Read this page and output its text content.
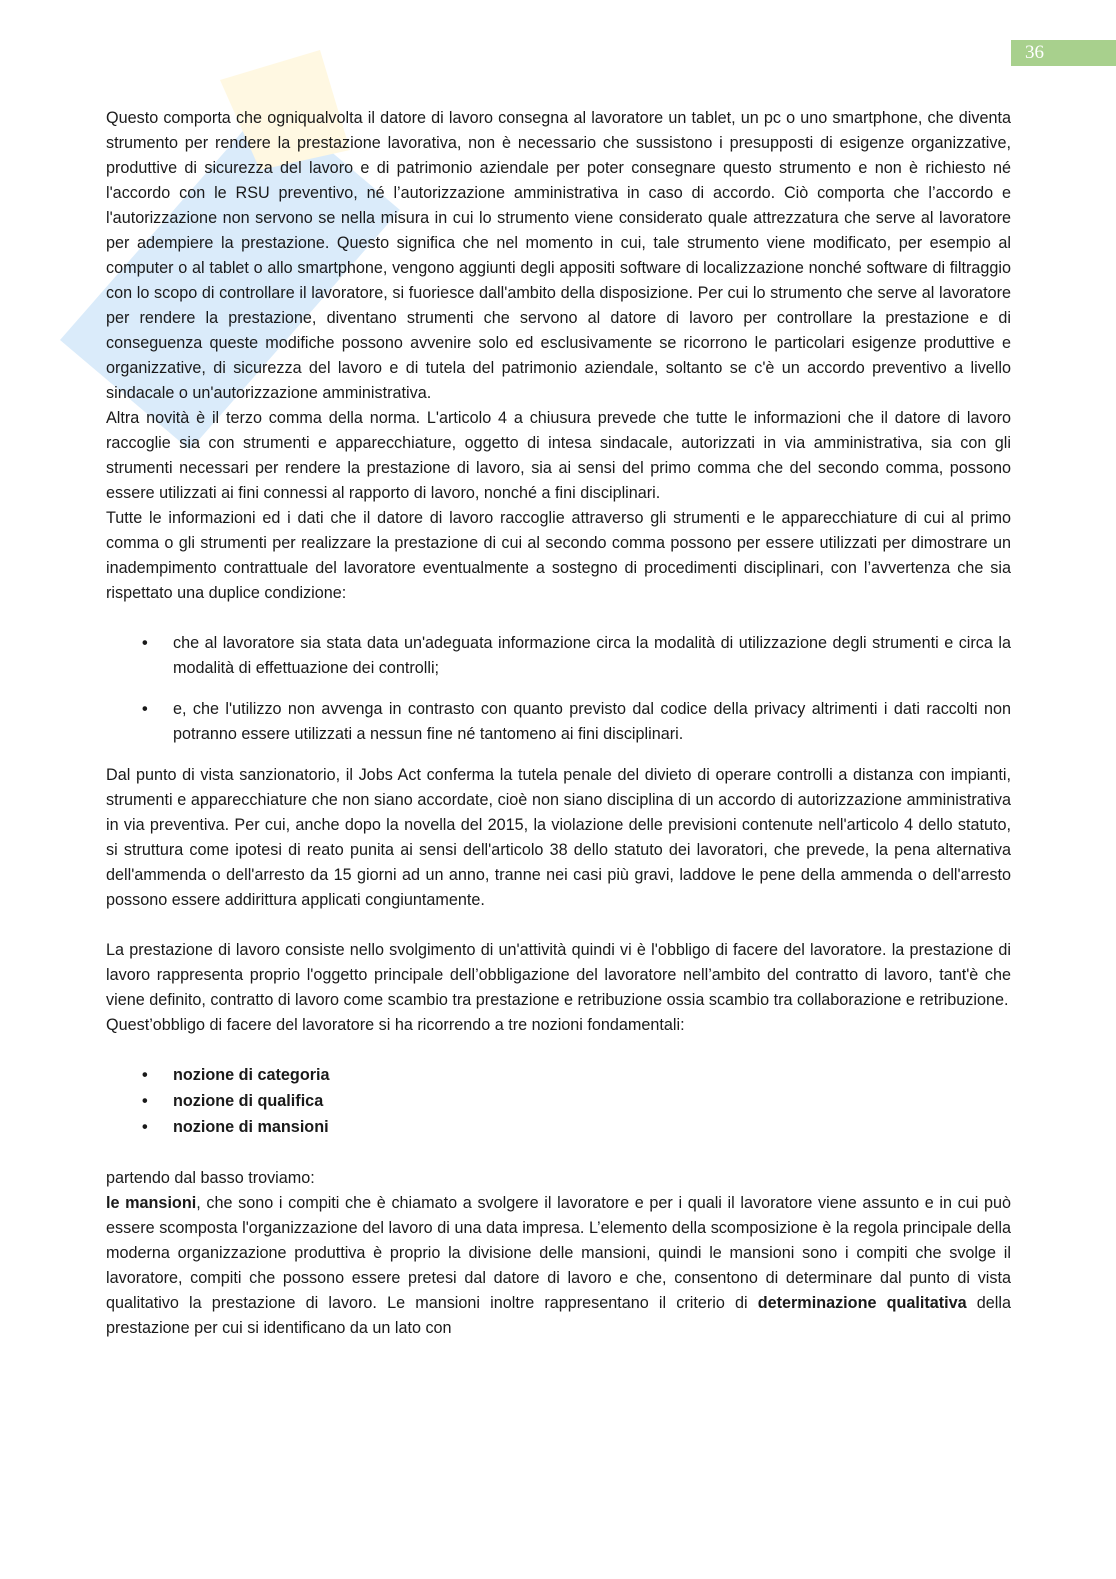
36

Questo comporta che ogniqualvolta il datore di lavoro consegna al lavoratore un tablet, un pc o uno smartphone, che diventa strumento per rendere la prestazione lavorativa, non è necessario che sussistono i presupposti di esigenze organizzative, produttive di sicurezza del lavoro e di patrimonio aziendale per poter consegnare questo strumento e non è richiesto né l'accordo con le RSU preventivo, né l’autorizzazione amministrativa in caso di accordo. Ciò comporta che l’accordo e l'autorizzazione non servono se nella misura in cui lo strumento viene considerato quale attrezzatura che serve al lavoratore per adempiere la prestazione. Questo significa che nel momento in cui, tale strumento viene modificato, per esempio al computer o al tablet o allo smartphone, vengono aggiunti degli appositi software di localizzazione nonché software di filtraggio con lo scopo di controllare il lavoratore, si fuoriesce dall'ambito della disposizione. Per cui lo strumento che serve al lavoratore per rendere la prestazione, diventano strumenti che servono al datore di lavoro per controllare la prestazione e di conseguenza queste modifiche possono avvenire solo ed esclusivamente se ricorrono le particolari esigenze produttive e organizzative, di sicurezza del lavoro e di tutela del patrimonio aziendale, soltanto se c'è un accordo preventivo a livello sindacale o un'autorizzazione amministrativa.

Altra novità è il terzo comma della norma. L'articolo 4 a chiusura prevede che tutte le informazioni che il datore di lavoro raccoglie sia con strumenti e apparecchiature, oggetto di intesa sindacale, autorizzati in via amministrativa, sia con gli strumenti necessari per rendere la prestazione di lavoro, sia ai sensi del primo comma che del secondo comma, possono essere utilizzati ai fini connessi al rapporto di lavoro, nonché a fini disciplinari.

Tutte le informazioni ed i dati che il datore di lavoro raccoglie attraverso gli strumenti e le apparecchiature di cui al primo comma o gli strumenti per realizzare la prestazione di cui al secondo comma possono per essere utilizzati per dimostrare un inadempimento contrattuale del lavoratore eventualmente a sostegno di procedimenti disciplinari, con l’avvertenza che sia rispettato una duplice condizione:

• che al lavoratore sia stata data un'adeguata informazione circa la modalità di utilizzazione degli strumenti e circa la modalità di effettuazione dei controlli;
• e, che l'utilizzo non avvenga in contrasto con quanto previsto dal codice della privacy altrimenti i dati raccolti non potranno essere utilizzati a nessun fine né tantomeno ai fini disciplinari.

Dal punto di vista sanzionatorio, il Jobs Act conferma la tutela penale del divieto di operare controlli a distanza con impianti, strumenti e apparecchiature che non siano accordate, cioè non siano disciplina di un accordo di autorizzazione amministrativa in via preventiva. Per cui, anche dopo la novella del 2015, la violazione delle previsioni contenute nell'articolo 4 dello statuto, si struttura come ipotesi di reato punita ai sensi dell'articolo 38 dello statuto dei lavoratori, che prevede, la pena alternativa dell'ammenda o dell'arresto da 15 giorni ad un anno, tranne nei casi più gravi, laddove le pene della ammenda o dell'arresto possono essere addirittura applicati congiuntamente.

La prestazione di lavoro consiste nello svolgimento di un'attività quindi vi è l'obbligo di facere del lavoratore. la prestazione di lavoro rappresenta proprio l'oggetto principale dell’obbligazione del lavoratore nell’ambito del contratto di lavoro, tant'è che viene definito, contratto di lavoro come scambio tra prestazione e retribuzione ossia scambio tra collaborazione e retribuzione.

Quest’obbligo di facere del lavoratore si ha ricorrendo a tre nozioni fondamentali:

• nozione di categoria
• nozione di qualifica
• nozione di mansioni

partendo dal basso troviamo:

le mansioni, che sono i compiti che è chiamato a svolgere il lavoratore e per i quali il lavoratore viene assunto e in cui può essere scomposta l'organizzazione del lavoro di una data impresa. L’elemento della scomposizione è la regola principale della moderna organizzazione produttiva è proprio la divisione delle mansioni, quindi le mansioni sono i compiti che svolge il lavoratore, compiti che possono essere pretesi dal datore di lavoro e che, consentono di determinare dal punto di vista qualitativo la prestazione di lavoro. Le mansioni inoltre rappresentano il criterio di determinazione qualitativa della prestazione per cui si identificano da un lato con
